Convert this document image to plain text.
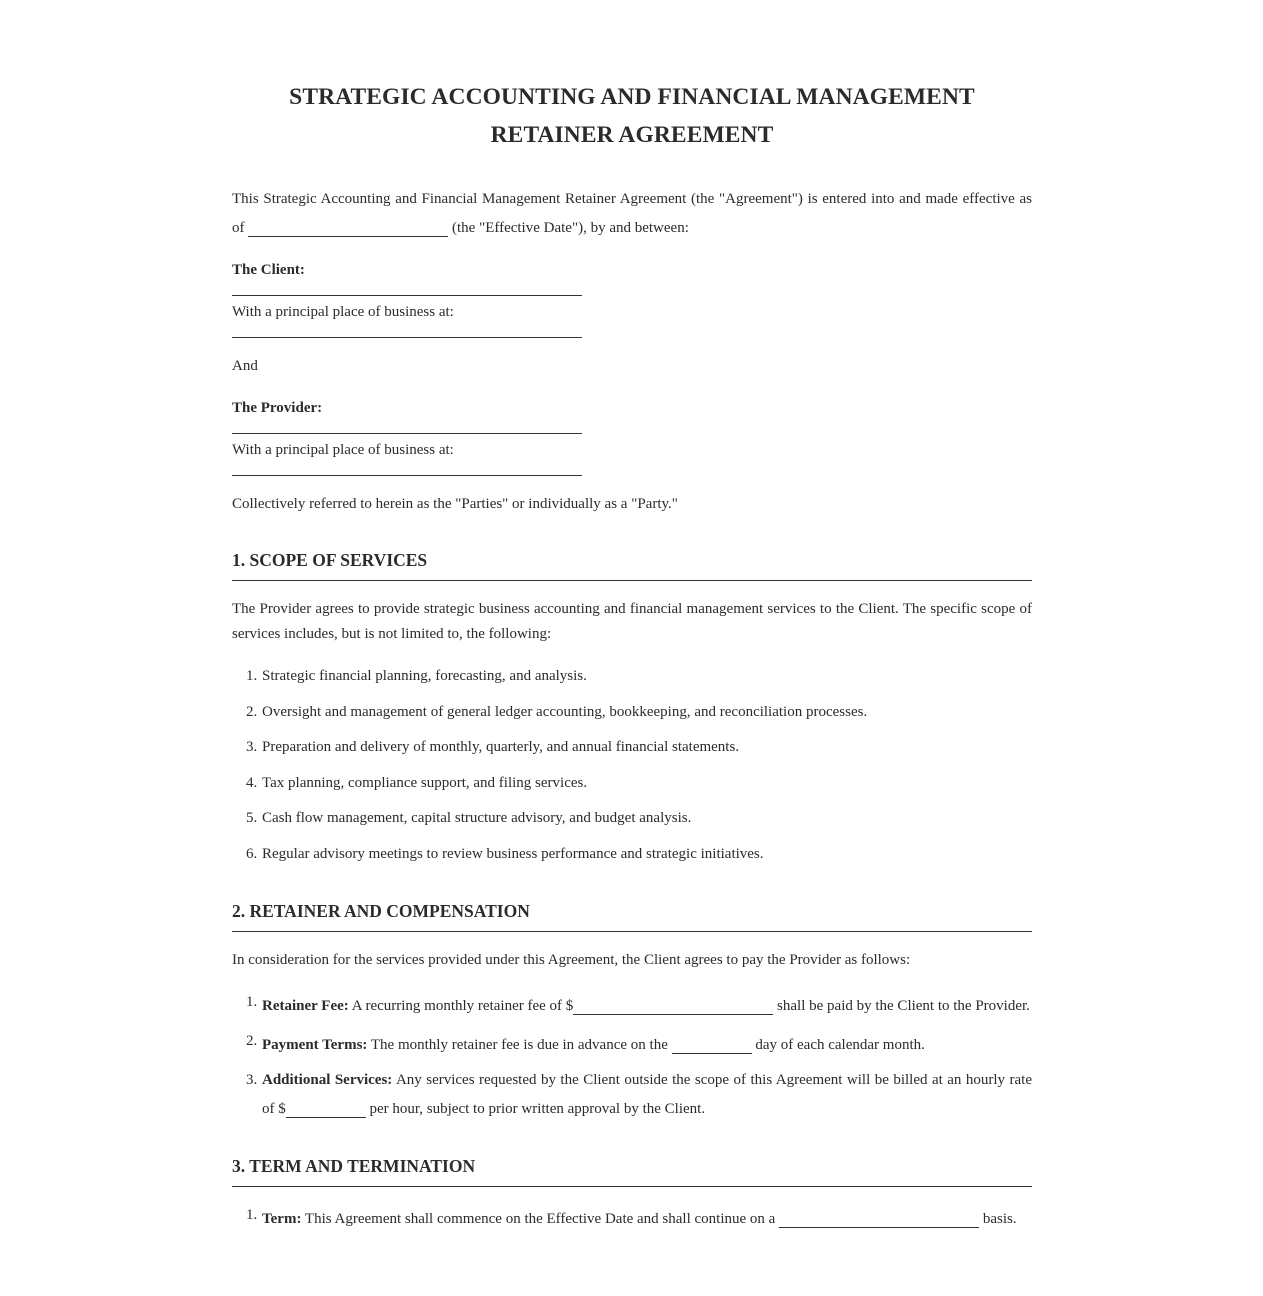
STRATEGIC ACCOUNTING AND FINANCIAL MANAGEMENT
RETAINER AGREEMENT

This Strategic Accounting and Financial Management Retainer Agreement (the "Agreement") is entered into and made effective as of	(the "Effective Date"), by and between:

The Client:

With a principal place of business at:

And

The Provider:

With a principal place of business at:

Collectively referred to herein as the "Parties" or individually as a "Party."

1. SCOPE OF SERVICES

The Provider agrees to provide strategic business accounting and financial management services to the Client. The specific scope of services includes, but is not limited to, the following:

1. Strategic financial planning, forecasting, and analysis.
2. Oversight and management of general ledger accounting, bookkeeping, and reconciliation processes.
3. Preparation and delivery of monthly, quarterly, and annual financial statements.
4. Tax planning, compliance support, and filing services.
5. Cash flow management, capital structure advisory, and budget analysis.
6. Regular advisory meetings to review business performance and strategic initiatives.
2. RETAINER AND COMPENSATION

In consideration for the services provided under this Agreement, the Client agrees to pay the Provider as follows:

1. Retainer Fee: A recurring monthly retainer fee of $	shall be paid by the Client to the Provider.
2. Payment Terms: The monthly retainer fee is due in advance on the	day of each calendar month.
3. Additional Services: Any services requested by the Client outside the scope of this Agreement will be billed at an hourly rate of $	per hour, subject to prior written approval by the Client.
3. TERM AND TERMINATION
1. Term: This Agreement shall commence on the Effective Date and shall continue on a	basis.
